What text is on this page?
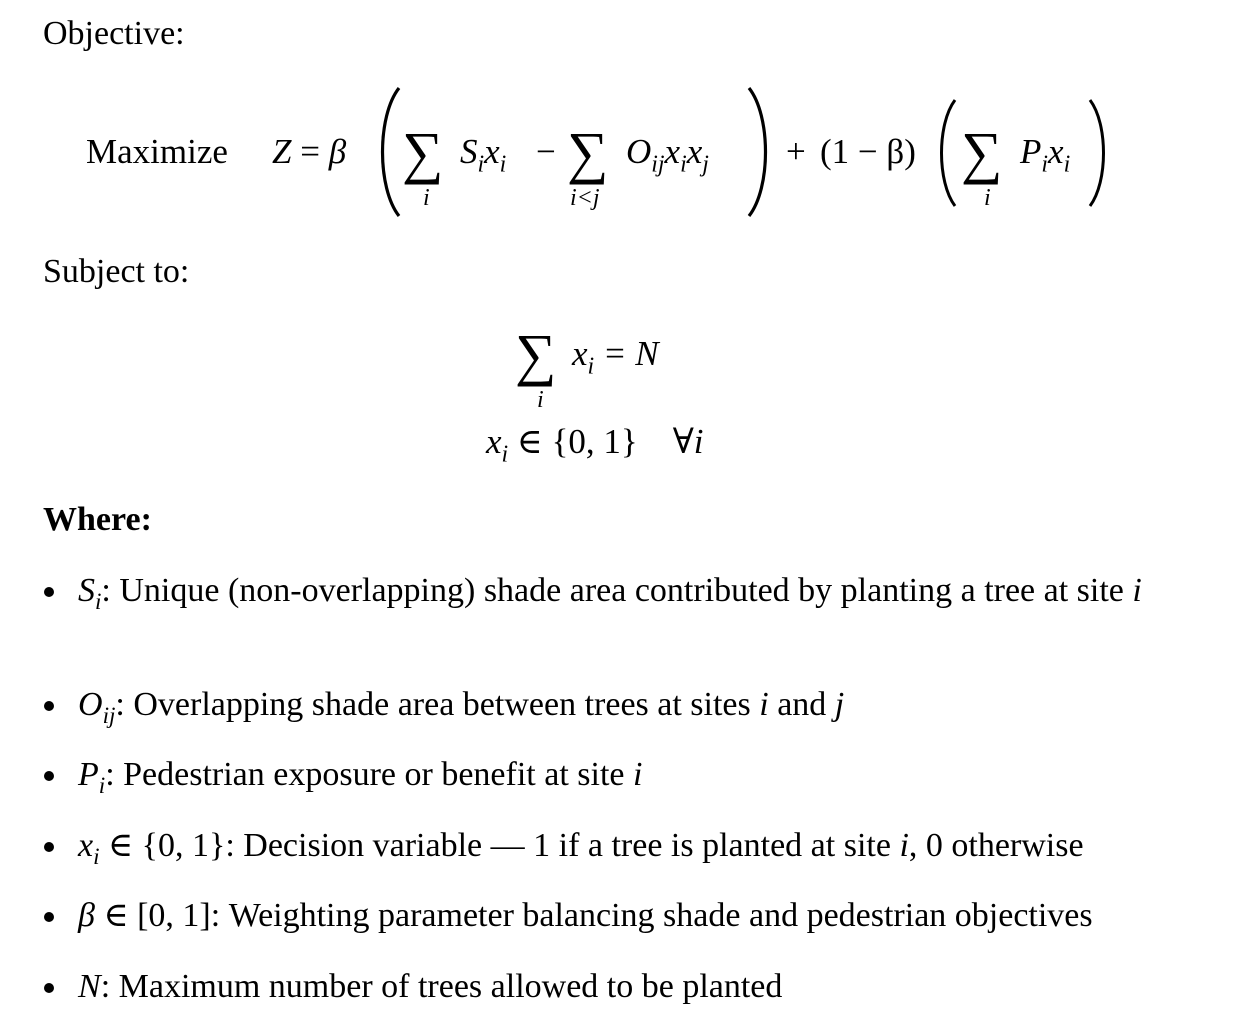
Objective:
Maximize Z = β ∑
i
$S_ix_i$ − ∑
i<j
$O_{ij}x_ix_j + (1 - \beta)$ ∑
i
$P_ix_i$
Subject to:
∑
i
$x_i = N$
$x_i$ ∈ {0, 1} ∀i
Where:
$S_i$: Unique (non-overlapping) shade area contributed by planting a tree at site i
$O_{ij}$: Overlapping shade area between trees at sites i and j
$P_i$: Pedestrian exposure or benefit at site i
$x_i$ ∈ {0, 1}: Decision variable — 1 if a tree is planted at site i, 0 otherwise
β ∈ [0, 1]: Weighting parameter balancing shade and pedestrian objectives
N: Maximum number of trees allowed to be planted
